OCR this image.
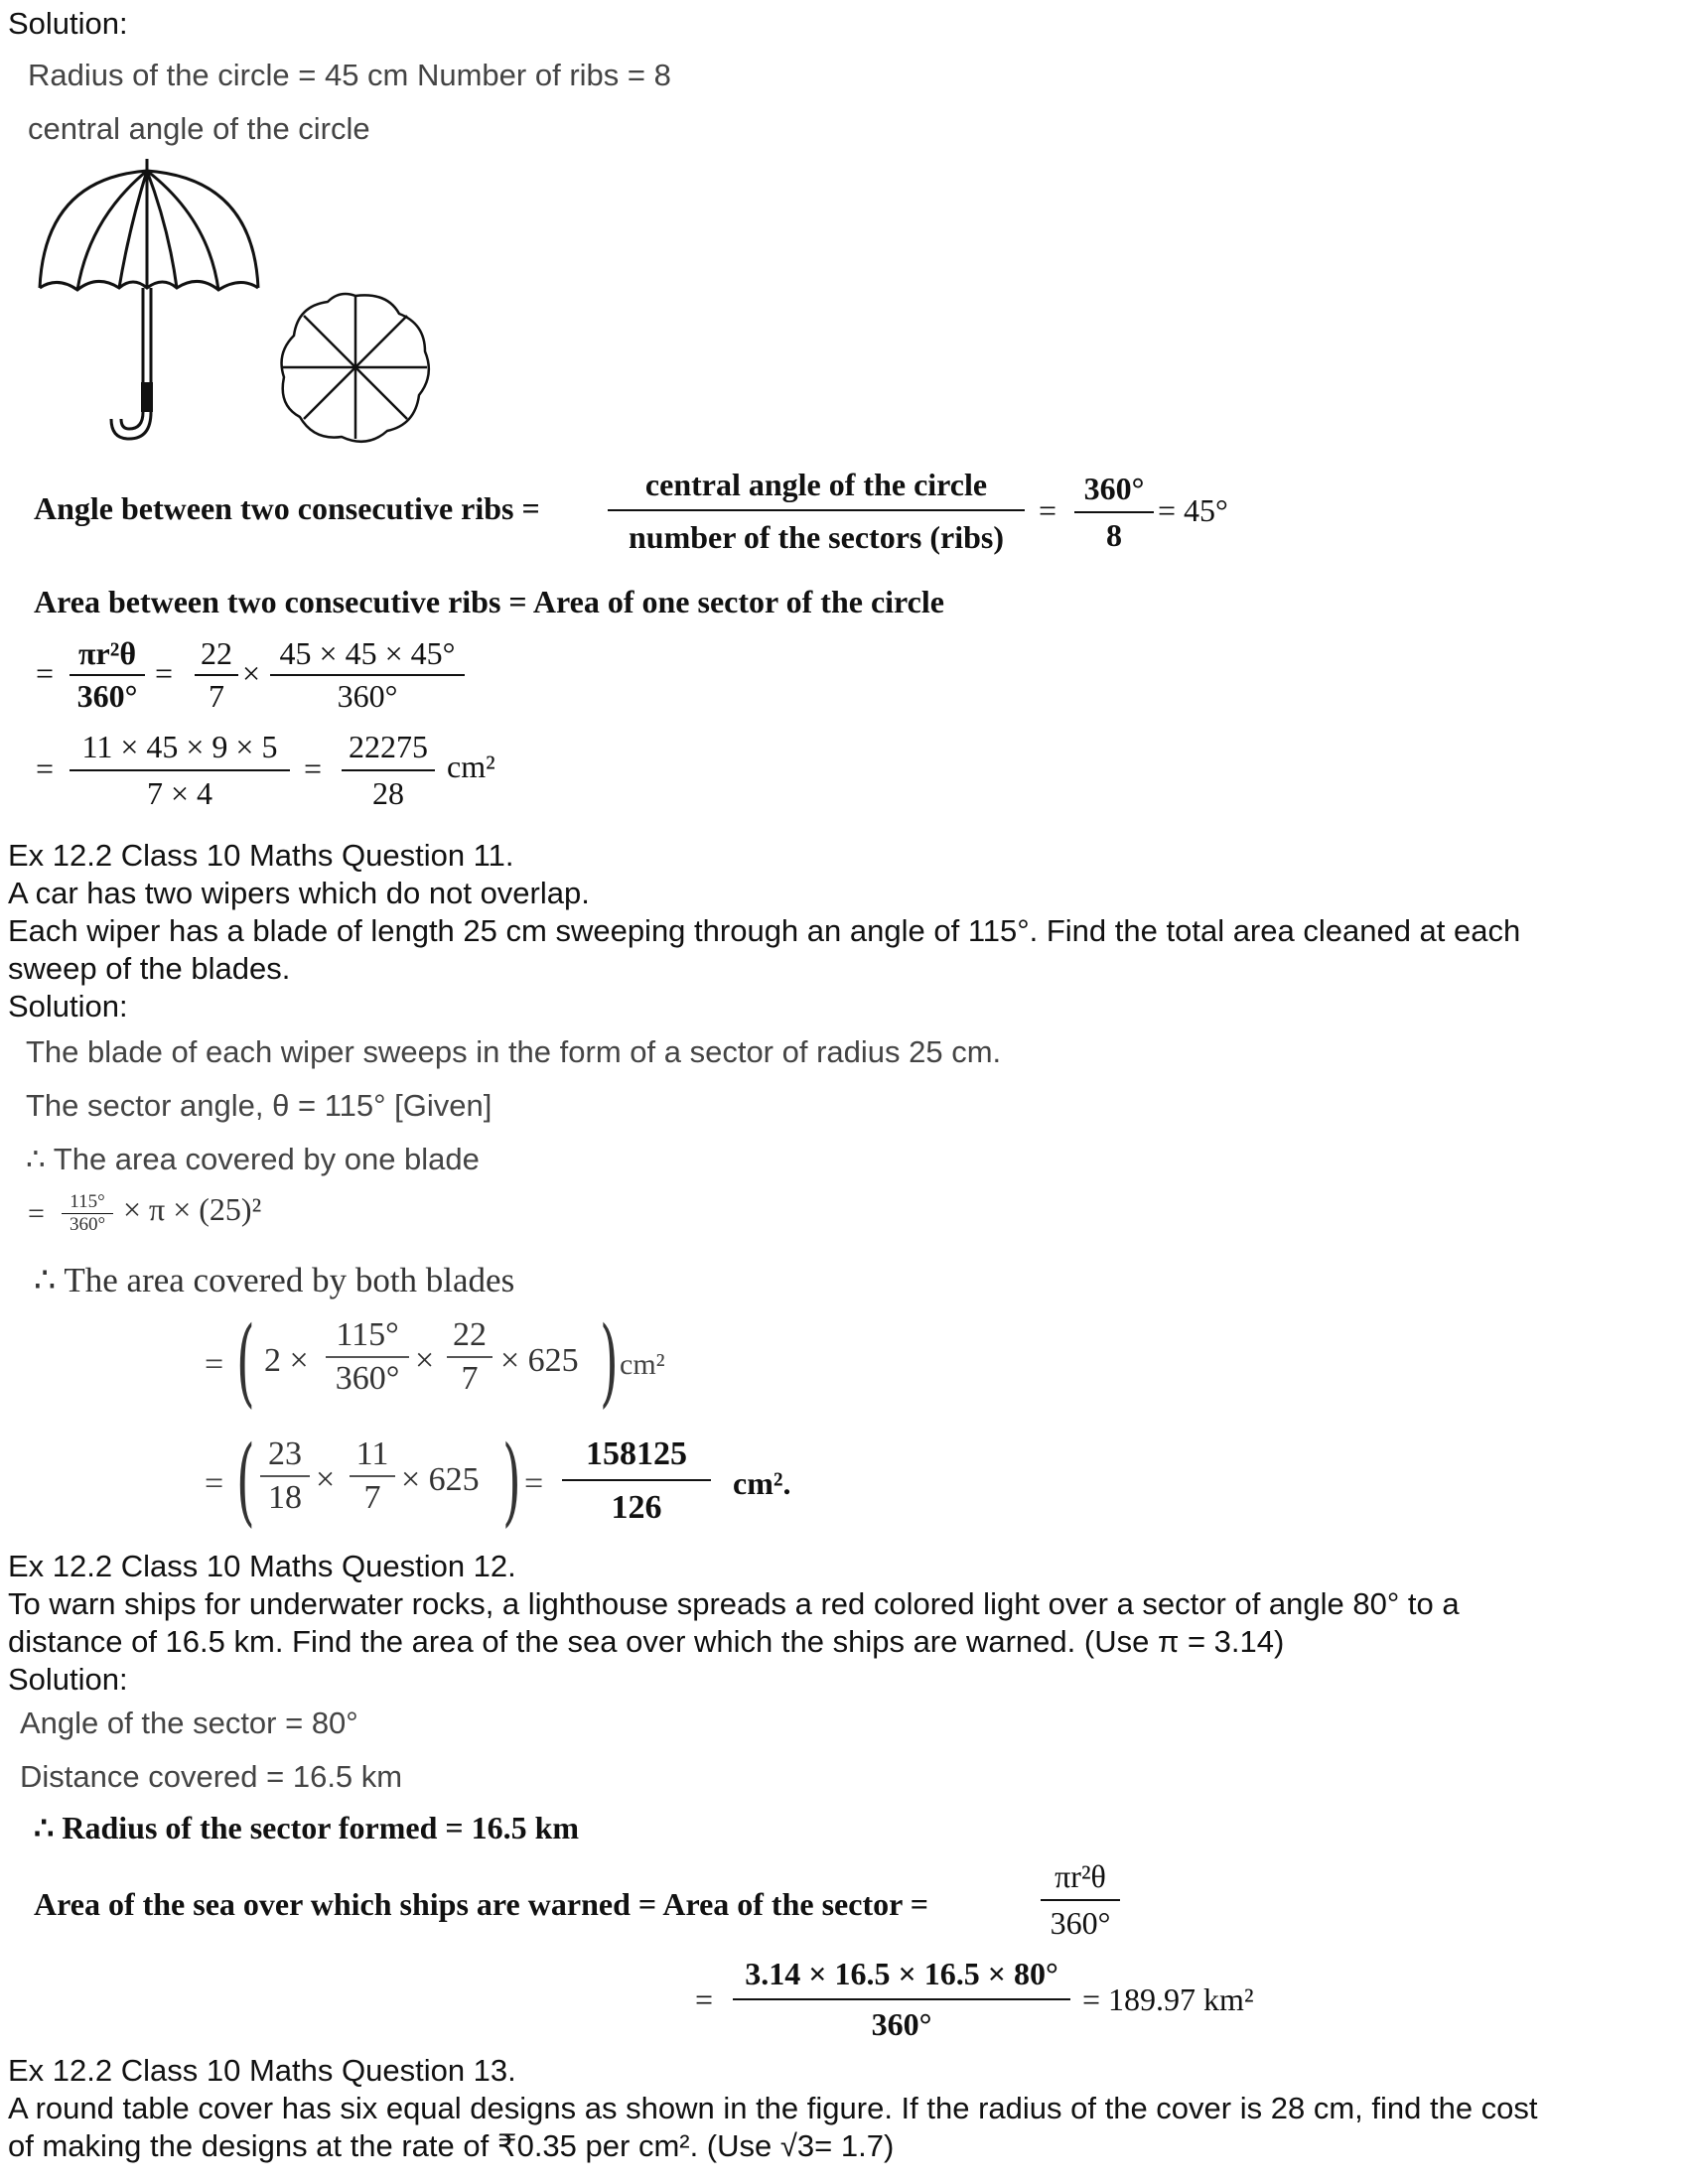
Solution:
Radius of the circle = 45 cm Number of ribs = 8
central angle of the circle
Angle between two consecutive ribs =
central angle of the circle
number of the sectors (ribs)
=
360°
8
= 45°
Area between two consecutive ribs = Area of one sector of the circle
=
πr²θ
360°
=
22
7
×
45 × 45 × 45°
360°
=
11 × 45 × 9 × 5
7 × 4
=
22275
28
cm²
Ex 12.2 Class 10 Maths Question 11.
A car has two wipers which do not overlap.
Each wiper has a blade of length 25 cm sweeping through an angle of 115°. Find the total area cleaned at each
sweep of the blades.
Solution:
The blade of each wiper sweeps in the form of a sector of radius 25 cm.
The sector angle, θ = 115° [Given]
∴ The area covered by one blade
=	115°
360° × π × (25)²
∴ The area covered by both blades
= ( 2 ×
115°
360° ×
22
7 × 625 ) cm²
= ( 23
18 ×
11
7 × 625 ) =
158125
126
cm².
Ex 12.2 Class 10 Maths Question 12.
To warn ships for underwater rocks, a lighthouse spreads a red colored light over a sector of angle 80° to a
distance of 16.5 km. Find the area of the sea over which the ships are warned. (Use π = 3.14)
Solution:
Angle of the sector = 80°
Distance covered = 16.5 km
∴ Radius of the sector formed = 16.5 km
Area of the sea over which ships are warned = Area of the sector =
πr²θ
360°
=
3.14 × 16.5 × 16.5 × 80°
360°
= 189.97 km²
Ex 12.2 Class 10 Maths Question 13.
A round table cover has six equal designs as shown in the figure. If the radius of the cover is 28 cm, find the cost
of making the designs at the rate of ₹0.35 per cm². (Use √3= 1.7)
